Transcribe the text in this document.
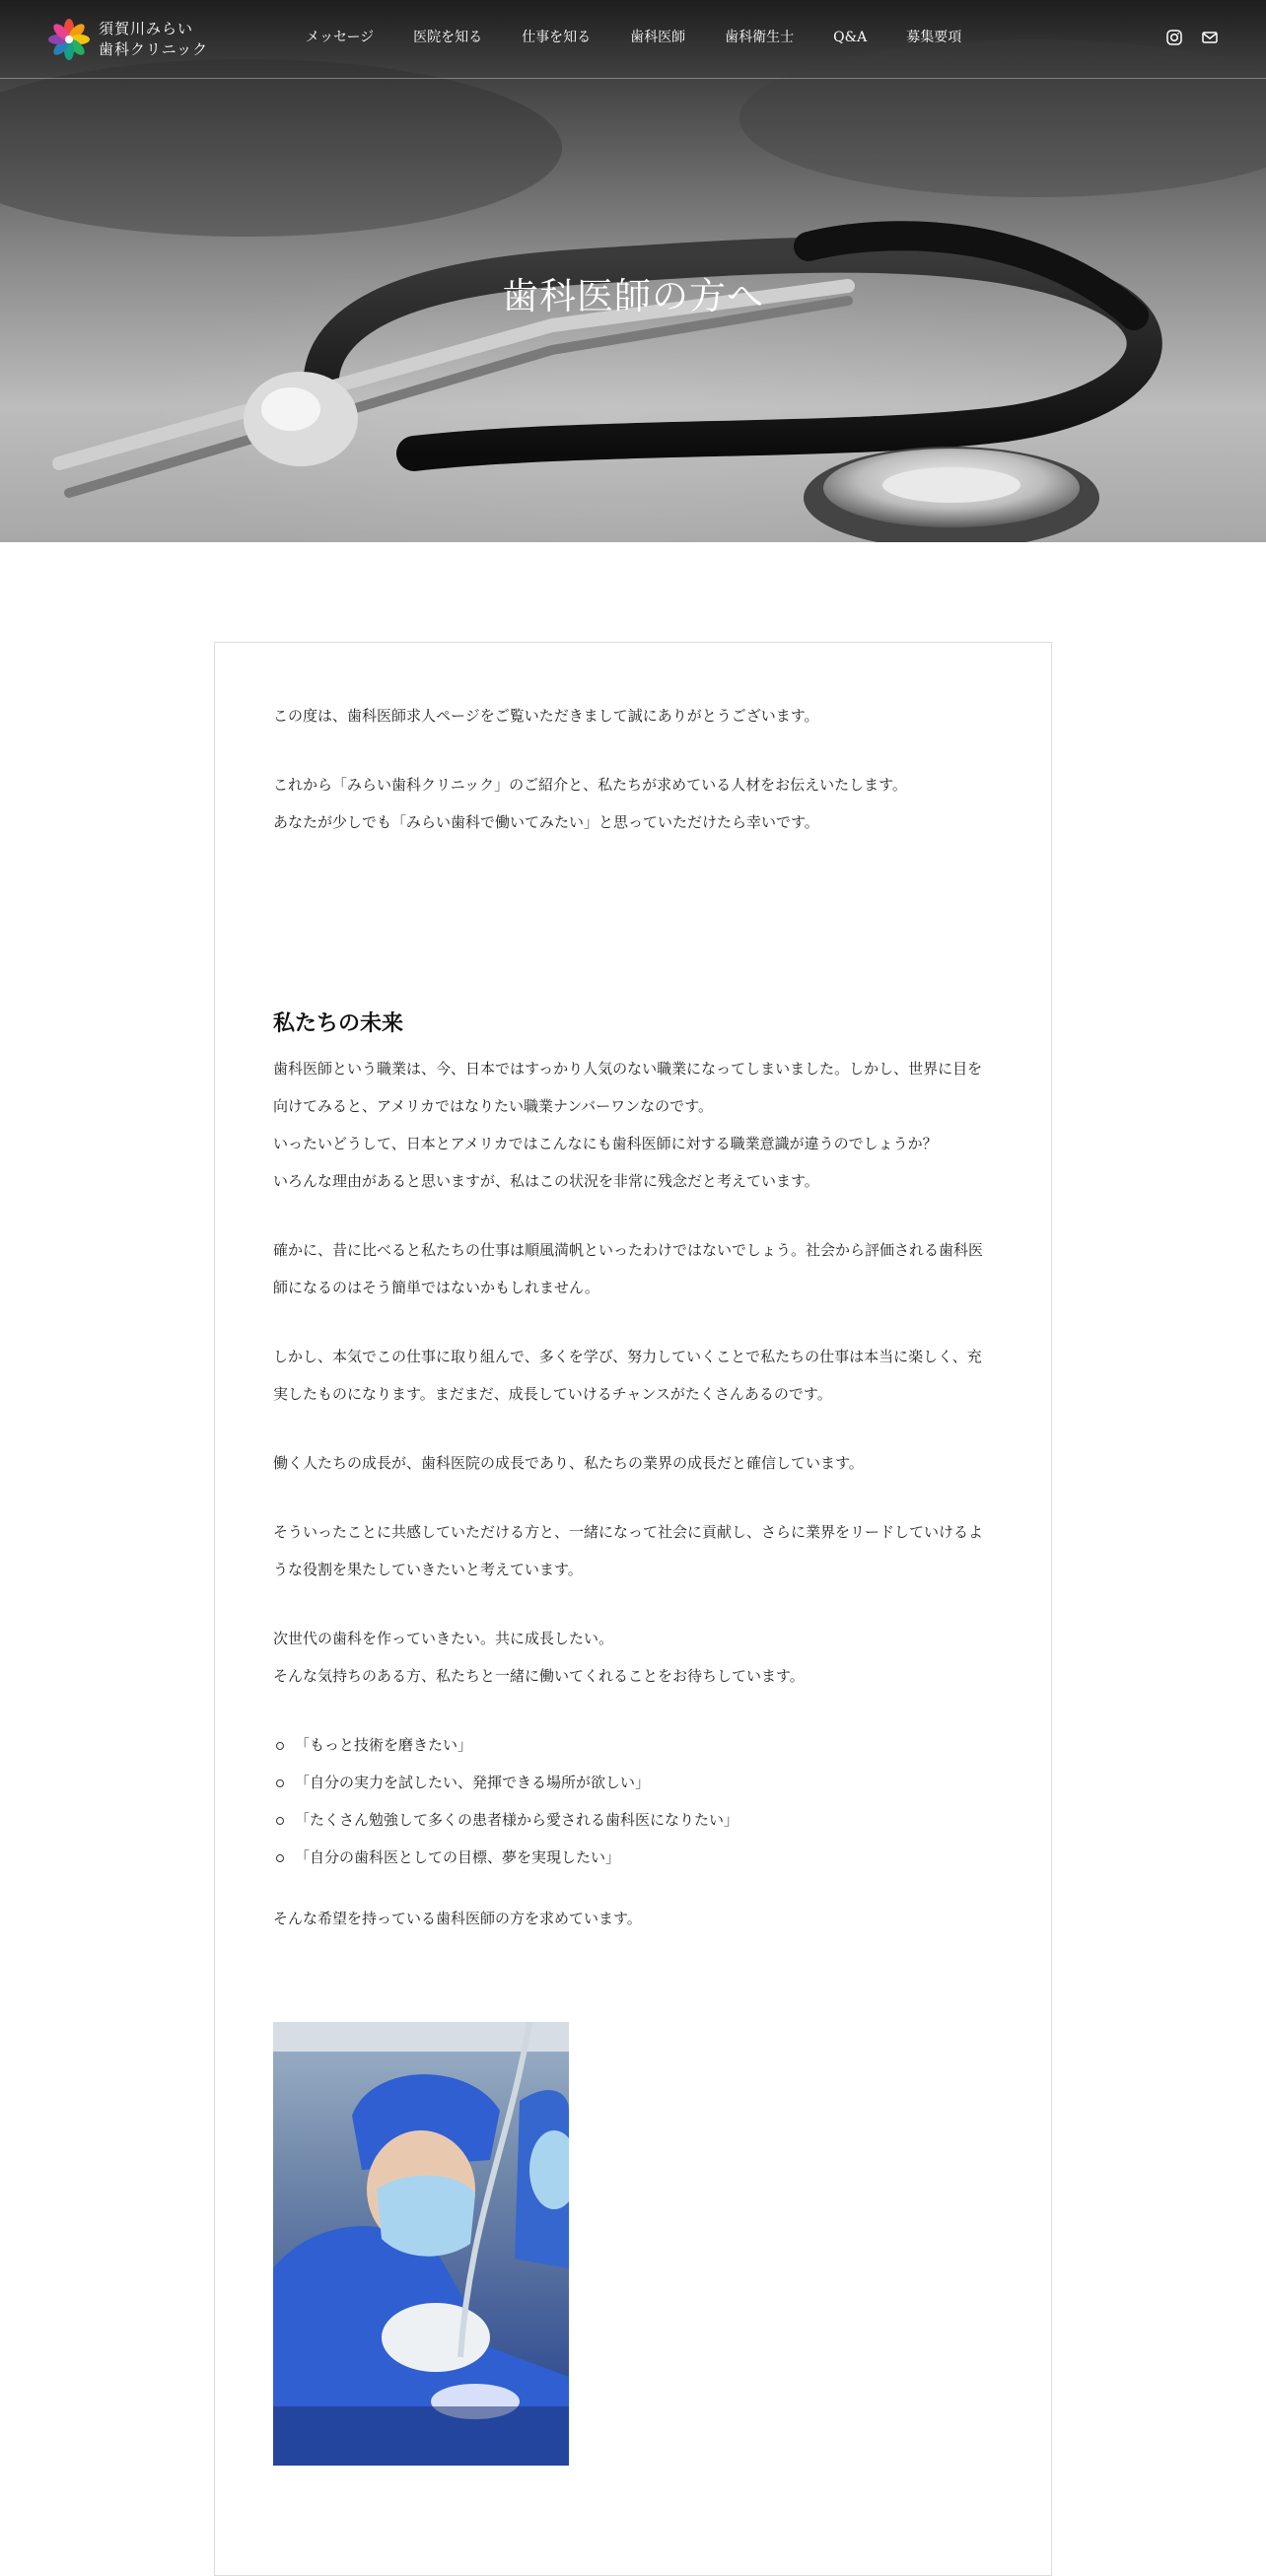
須賀川みらい
歯科クリニック
メッセージ	医院を知る	仕事を知る	歯科医師	歯科衛生士	Q&A	募集要項
歯科医師の方へ

この度は、歯科医師求人ページをご覧いただきまして誠にありがとうございます。

これから「みらい歯科クリニック」のご紹介と、私たちが求めている人材をお伝えいたします。

あなたが少しでも「みらい歯科で働いてみたい」と思っていただけたら幸いです。

私たちの未来

歯科医師という職業は、今、日本ではすっかり人気のない職業になってしまいました。しかし、世界に目を向けてみると、アメリカではなりたい職業ナンバーワンなのです。

いったいどうして、日本とアメリカではこんなにも歯科医師に対する職業意識が違うのでしょうか？

いろんな理由があると思いますが、私はこの状況を非常に残念だと考えています。

確かに、昔に比べると私たちの仕事は順風満帆といったわけではないでしょう。社会から評価される歯科医師になるのはそう簡単ではないかもしれません。

しかし、本気でこの仕事に取り組んで、多くを学び、努力していくことで私たちの仕事は本当に楽しく、充実したものになります。まだまだ、成長していけるチャンスがたくさんあるのです。

働く人たちの成長が、歯科医院の成長であり、私たちの業界の成長だと確信しています。

そういったことに共感していただける方と、一緒になって社会に貢献し、さらに業界をリードしていけるような役割を果たしていきたいと考えています。

次世代の歯科を作っていきたい。共に成長したい。

そんな気持ちのある方、私たちと一緒に働いてくれることをお待ちしています。

「もっと技術を磨きたい」
「自分の実力を試したい、発揮できる場所が欲しい」
「たくさん勉強して多くの患者様から愛される歯科医になりたい」
「自分の歯科医としての目標、夢を実現したい」

そんな希望を持っている歯科医師の方を求めています。
